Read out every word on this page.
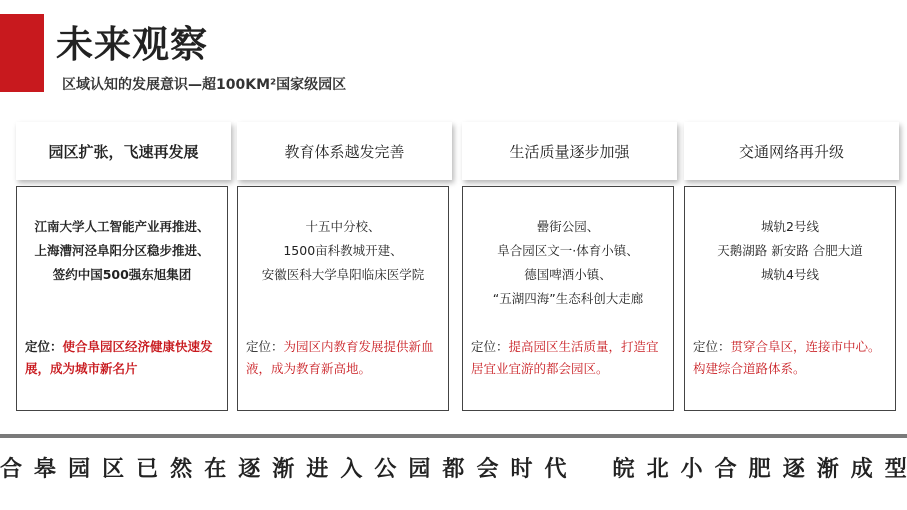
未来观察
区域认知的发展意识—超100KM²国家级园区
园区扩张，飞速再发展	教育体系越发完善	生活质量逐步加强	交通网络再升级
江南大学人工智能产业再推进、
上海漕河泾阜阳分区稳步推进、
签约中国500强东旭集团
定位：使合阜园区经济健康快速发展，成为城市新名片
十五中分校、
1500亩科教城开建、
安徽医科大学阜阳临床医学院
定位：为园区内教育发展提供新血液，成为教育新高地。
罍街公园、
阜合园区文一·体育小镇、
德国啤酒小镇、
“五湖四海”生态科创大走廊
定位：提高园区生活质量，打造宜居宜业宜游的都会园区。
城轨2号线
天鹅湖路 新安路 合肥大道
城轨4号线
定位：贯穿合阜区，连接市中心。构建综合道路体系。
合 皋 园 区 已 然 在 逐 渐 进 入 公 园 都 会 时 代
皖 北 小 合 肥 逐 渐 成 型
